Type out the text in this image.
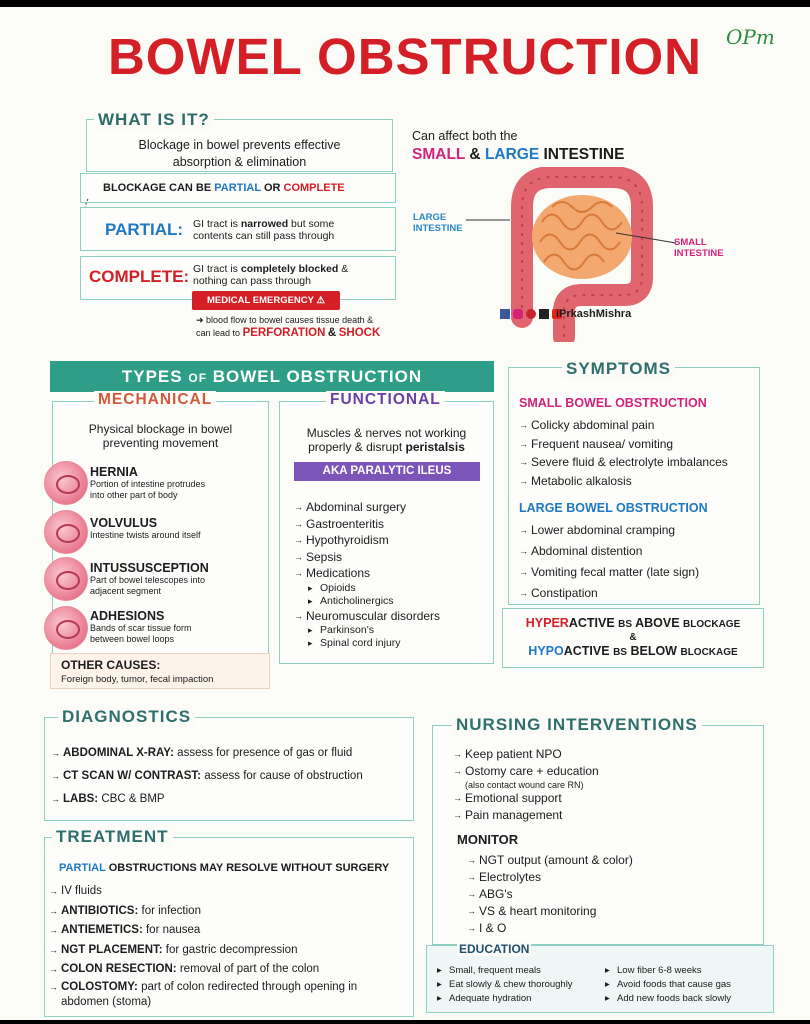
BOWEL OBSTRUCTION	OPm
Blockage in bowel prevents effective
absorption & elimination
WHAT IS IT?
BLOCKAGE CAN BE PARTIAL OR COMPLETE
PARTIAL: GI tract is narrowed but some
contents can still pass through
COMPLETE: GI tract is completely blocked &
nothing can pass through
MEDICAL EMERGENCY ⚠
➜ blood flow to bowel causes tissue death &
can lead to PERFORATION & SHOCK
Can affect both the
SMALL & LARGE INTESTINE
LARGE
INTESTINE
SMALL
INTESTINE
iPrkashMishra
TYPES OF BOWEL OBSTRUCTION
Physical blockage in bowel
preventing movement
MECHANICAL
HERNIA
Portion of intestine protrudes
into other part of body
VOLVULUS
Intestine twists around itself
INTUSSUSCEPTION
Part of bowel telescopes into
adjacent segment
ADHESIONS
Bands of scar tissue form
between bowel loops
OTHER CAUSES:
Foreign body, tumor, fecal impaction
Muscles & nerves not working
properly & disrupt peristalsis
AKA PARALYTIC ILEUS
→ Abdominal surgery
→ Gastroenteritis
→ Hypothyroidism
→ Sepsis
→ Medications
▸ Opioids
▸ Anticholinergics
→ Neuromuscular disorders
▸ Parkinson's
▸ Spinal cord injury
FUNCTIONAL	SMALL BOWEL OBSTRUCTION
→ Colicky abdominal pain
→ Frequent nausea/ vomiting
→ Severe fluid & electrolyte imbalances
→ Metabolic alkalosis
LARGE BOWEL OBSTRUCTION
→ Lower abdominal cramping
→ Abdominal distention
→ Vomiting fecal matter (late sign)
→ Constipation
SYMPTOMS
HYPERACTIVE BS ABOVE BLOCKAGE
&
HYPOACTIVE BS BELOW BLOCKAGE
→ ABDOMINAL X-RAY: assess for presence of gas or fluid
→ CT SCAN W/ CONTRAST: assess for cause of obstruction
→ LABS: CBC & BMP
DIAGNOSTICS
PARTIAL OBSTRUCTIONS MAY RESOLVE WITHOUT SURGERY
→ IV fluids
→ ANTIBIOTICS: for infection
→ ANTIEMETICS: for nausea
→ NGT PLACEMENT: for gastric decompression
→ COLON RESECTION: removal of part of the colon
→ COLOSTOMY: part of colon redirected through opening in
abdomen (stoma)
TREATMENT
→ Keep patient NPO
→ Ostomy care + education
(also contact wound care RN)
→ Emotional support
→ Pain management
MONITOR
→ NGT output (amount & color)
→ Electrolytes
→ ABG's
→ VS & heart monitoring
→ I & O
NURSING INTERVENTIONS
EDUCATION
▸ Small, frequent meals
▸ Eat slowly & chew thoroughly
▸ Adequate hydration
▸ Low fiber 6-8 weeks
▸ Avoid foods that cause gas
▸ Add new foods back slowly
